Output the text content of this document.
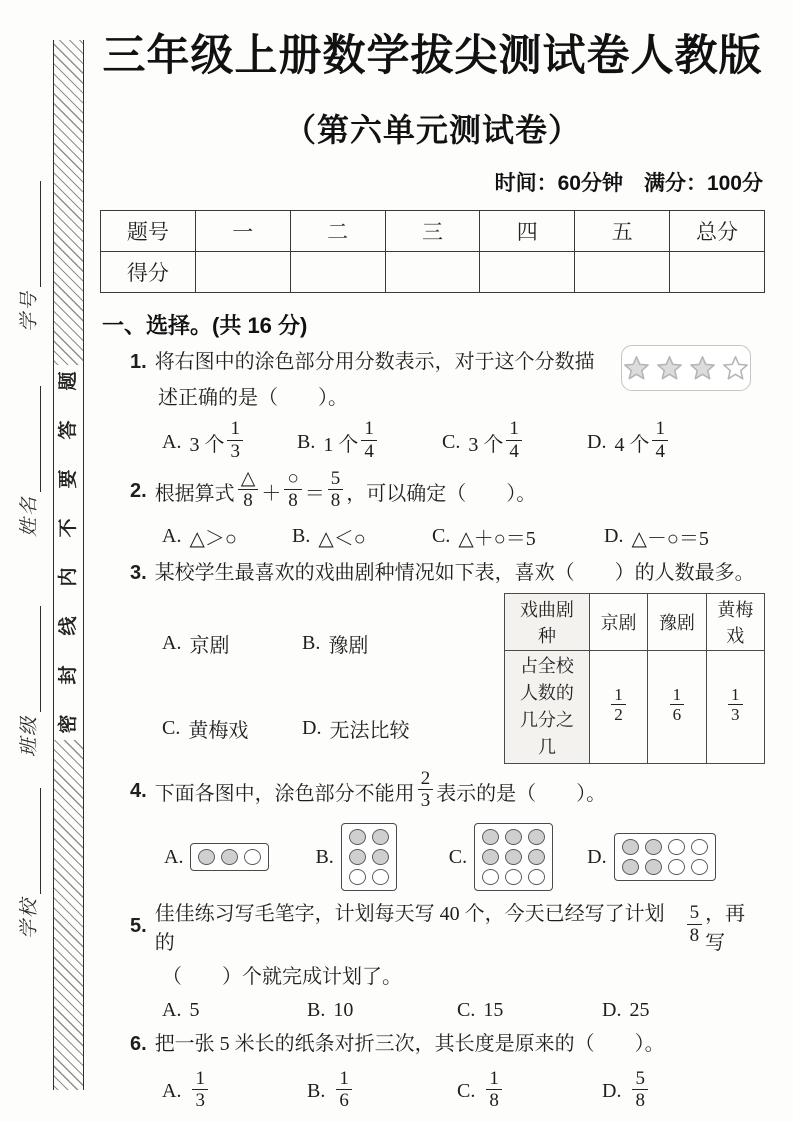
学号
姓名
班级
学校
题
答
要
不
内
线
封
密
三年级上册数学拔尖测试卷人教版
（第六单元测试卷）
时间：60分钟　满分：100分
题号	一	二	三	四	五	总分
得分						
一、选择。(共 16 分)
1. 将右图中的涂色部分用分数表示，对于这个分数描
述正确的是（　　）。
A. 3 个 $\frac{1}{3}$	B. 1 个 $\frac{1}{4}$	C. 3 个 $\frac{1}{4}$	D. 4 个 $\frac{1}{4}$
2. 根据算式 $\frac{\triangle}{8} + \frac{○}{8} = \frac{5}{8}$ ，可以确定（　　）。
A. △＞○	B. △＜○	C. △＋○＝5	D. △－○＝5
3. 某校学生最喜欢的戏曲剧种情况如下表，喜欢（　　）的人数最多。
A. 京剧	B. 豫剧
C. 黄梅戏	D. 无法比较
戏曲剧种	京剧	豫剧	黄梅戏

占全校人数的
几分之几

$\frac{1}{2}$	$\frac{1}{6}$	$\frac{1}{3}$
4. 下面各图中，涂色部分不能用 $\frac{2}{3}$ 表示的是（　　）。
A.	B.	C.	D.
5.
佳佳练习写毛笔字，计划每天写 40 个，今天已经写了计划的	$\frac{5}{8}$ ，再写
（　　）个就完成计划了。
A. 5	B. 10	C. 15	D. 25
6. 把一张 5 米长的纸条对折三次，其长度是原来的（　　）。
A. $\frac{1}{3}$	B. $\frac{1}{6}$	C. $\frac{1}{8}$	D. $\frac{5}{8}$
